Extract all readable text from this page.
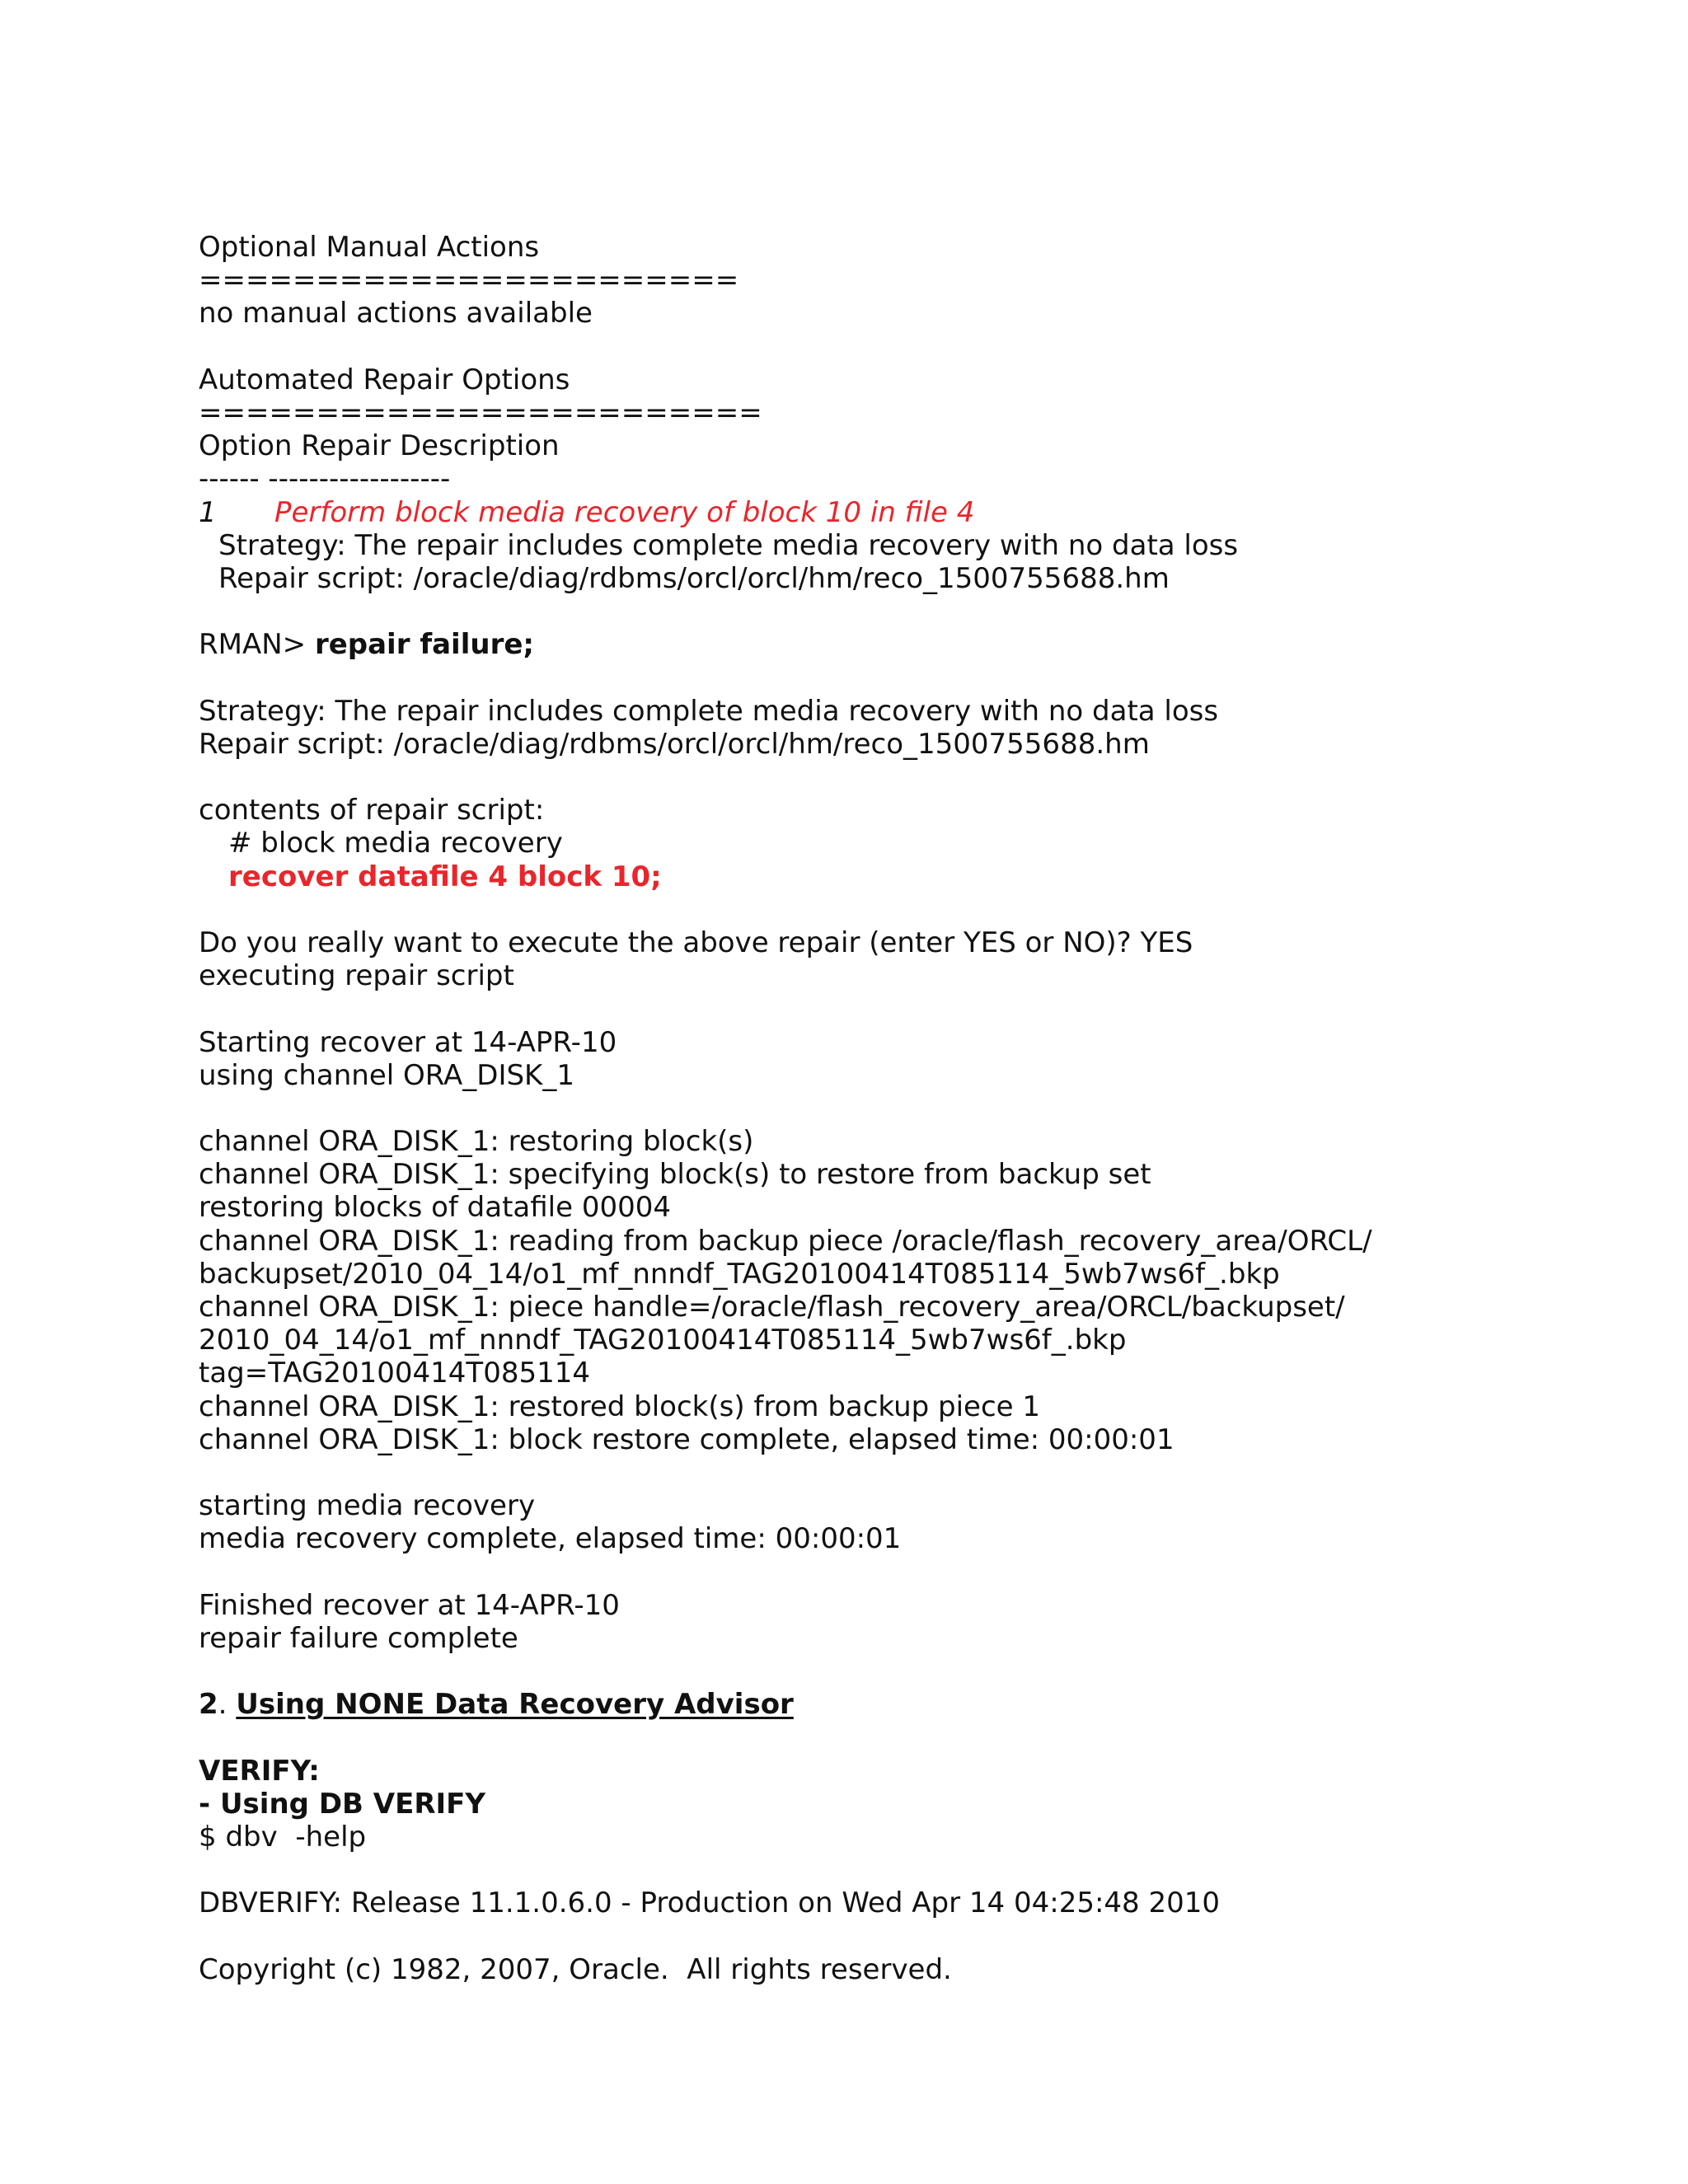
Optional Manual Actions
=======================
no manual actions available
Automated Repair Options
========================
Option Repair Description
------ ------------------
1 Perform block media recovery of block 10 in file 4
Strategy: The repair includes complete media recovery with no data loss
Repair script: /oracle/diag/rdbms/orcl/orcl/hm/reco_1500755688.hm
RMAN> repair failure;
Strategy: The repair includes complete media recovery with no data loss
Repair script: /oracle/diag/rdbms/orcl/orcl/hm/reco_1500755688.hm
contents of repair script:
# block media recovery
recover datafile 4 block 10;
Do you really want to execute the above repair (enter YES or NO)? YES
executing repair script
Starting recover at 14-APR-10
using channel ORA_DISK_1
channel ORA_DISK_1: restoring block(s)
channel ORA_DISK_1: specifying block(s) to restore from backup set
restoring blocks of datafile 00004
channel ORA_DISK_1: reading from backup piece /oracle/flash_recovery_area/ORCL/
backupset/2010_04_14/o1_mf_nnndf_TAG20100414T085114_5wb7ws6f_.bkp
channel ORA_DISK_1: piece handle=/oracle/flash_recovery_area/ORCL/backupset/
2010_04_14/o1_mf_nnndf_TAG20100414T085114_5wb7ws6f_.bkp
tag=TAG20100414T085114
channel ORA_DISK_1: restored block(s) from backup piece 1
channel ORA_DISK_1: block restore complete, elapsed time: 00:00:01
starting media recovery
media recovery complete, elapsed time: 00:00:01
Finished recover at 14-APR-10
repair failure complete
2. Using NONE Data Recovery Advisor
VERIFY:
- Using DB VERIFY
$ dbv  -help
DBVERIFY: Release 11.1.0.6.0 - Production on Wed Apr 14 04:25:48 2010
Copyright (c) 1982, 2007, Oracle.  All rights reserved.
